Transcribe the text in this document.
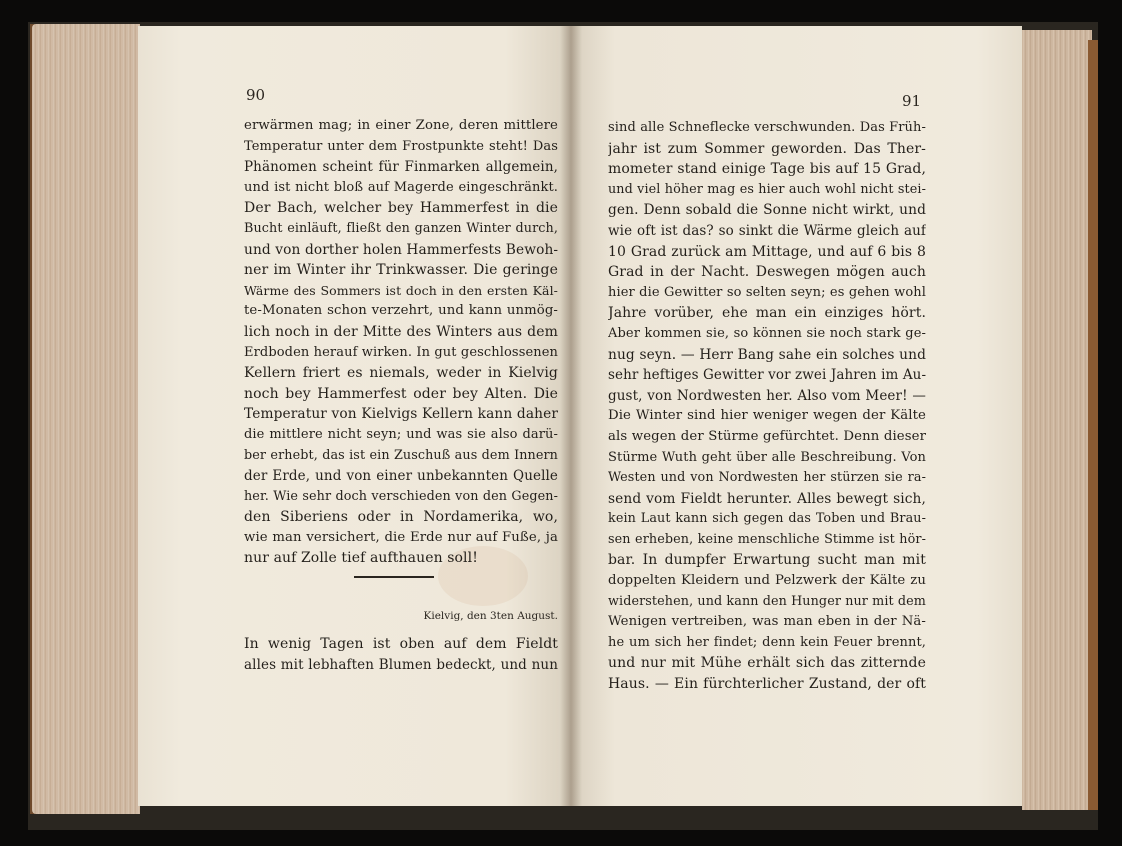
90	91
erwärmen mag; in einer Zone, deren mittlere
Temperatur unter dem Frostpunkte steht! Das
Phänomen scheint für Finmarken allgemein,
und ist nicht bloß auf Magerde eingeschränkt.
Der Bach, welcher bey Hammerfest in die
Bucht einläuft, fließt den ganzen Winter durch,
und von dorther holen Hammerfests Bewoh-
ner im Winter ihr Trinkwasser. Die geringe
Wärme des Sommers ist doch in den ersten Käl-
te-Monaten schon verzehrt, und kann unmög-
lich noch in der Mitte des Winters aus dem
Erdboden herauf wirken. In gut geschlossenen
Kellern friert es niemals, weder in Kielvig
noch bey Hammerfest oder bey Alten. Die
Temperatur von Kielvigs Kellern kann daher
die mittlere nicht seyn; und was sie also darü-
ber erhebt, das ist ein Zuschuß aus dem Innern
der Erde, und von einer unbekannten Quelle
her. Wie sehr doch verschieden von den Gegen-
den Siberiens oder in Nordamerika, wo,
wie man versichert, die Erde nur auf Fuße, ja
nur auf Zolle tief aufthauen soll!
Kielvig, den 3ten August.
In wenig Tagen ist oben auf dem Fieldt
alles mit lebhaften Blumen bedeckt, und nun
sind alle Schneflecke verschwunden. Das Früh-
jahr ist zum Sommer geworden. Das Ther-
mometer stand einige Tage bis auf 15 Grad,
und viel höher mag es hier auch wohl nicht stei-
gen. Denn sobald die Sonne nicht wirkt, und
wie oft ist das? so sinkt die Wärme gleich auf
10 Grad zurück am Mittage, und auf 6 bis 8
Grad in der Nacht. Deswegen mögen auch
hier die Gewitter so selten seyn; es gehen wohl
Jahre vorüber, ehe man ein einziges hört.
Aber kommen sie, so können sie noch stark ge-
nug seyn. — Herr Bang sahe ein solches und
sehr heftiges Gewitter vor zwei Jahren im Au-
gust, von Nordwesten her. Also vom Meer! —
Die Winter sind hier weniger wegen der Kälte
als wegen der Stürme gefürchtet. Denn dieser
Stürme Wuth geht über alle Beschreibung. Von
Westen und von Nordwesten her stürzen sie ra-
send vom Fieldt herunter. Alles bewegt sich,
kein Laut kann sich gegen das Toben und Brau-
sen erheben, keine menschliche Stimme ist hör-
bar. In dumpfer Erwartung sucht man mit
doppelten Kleidern und Pelzwerk der Kälte zu
widerstehen, und kann den Hunger nur mit dem
Wenigen vertreiben, was man eben in der Nä-
he um sich her findet; denn kein Feuer brennt,
und nur mit Mühe erhält sich das zitternde
Haus. — Ein fürchterlicher Zustand, der oft
